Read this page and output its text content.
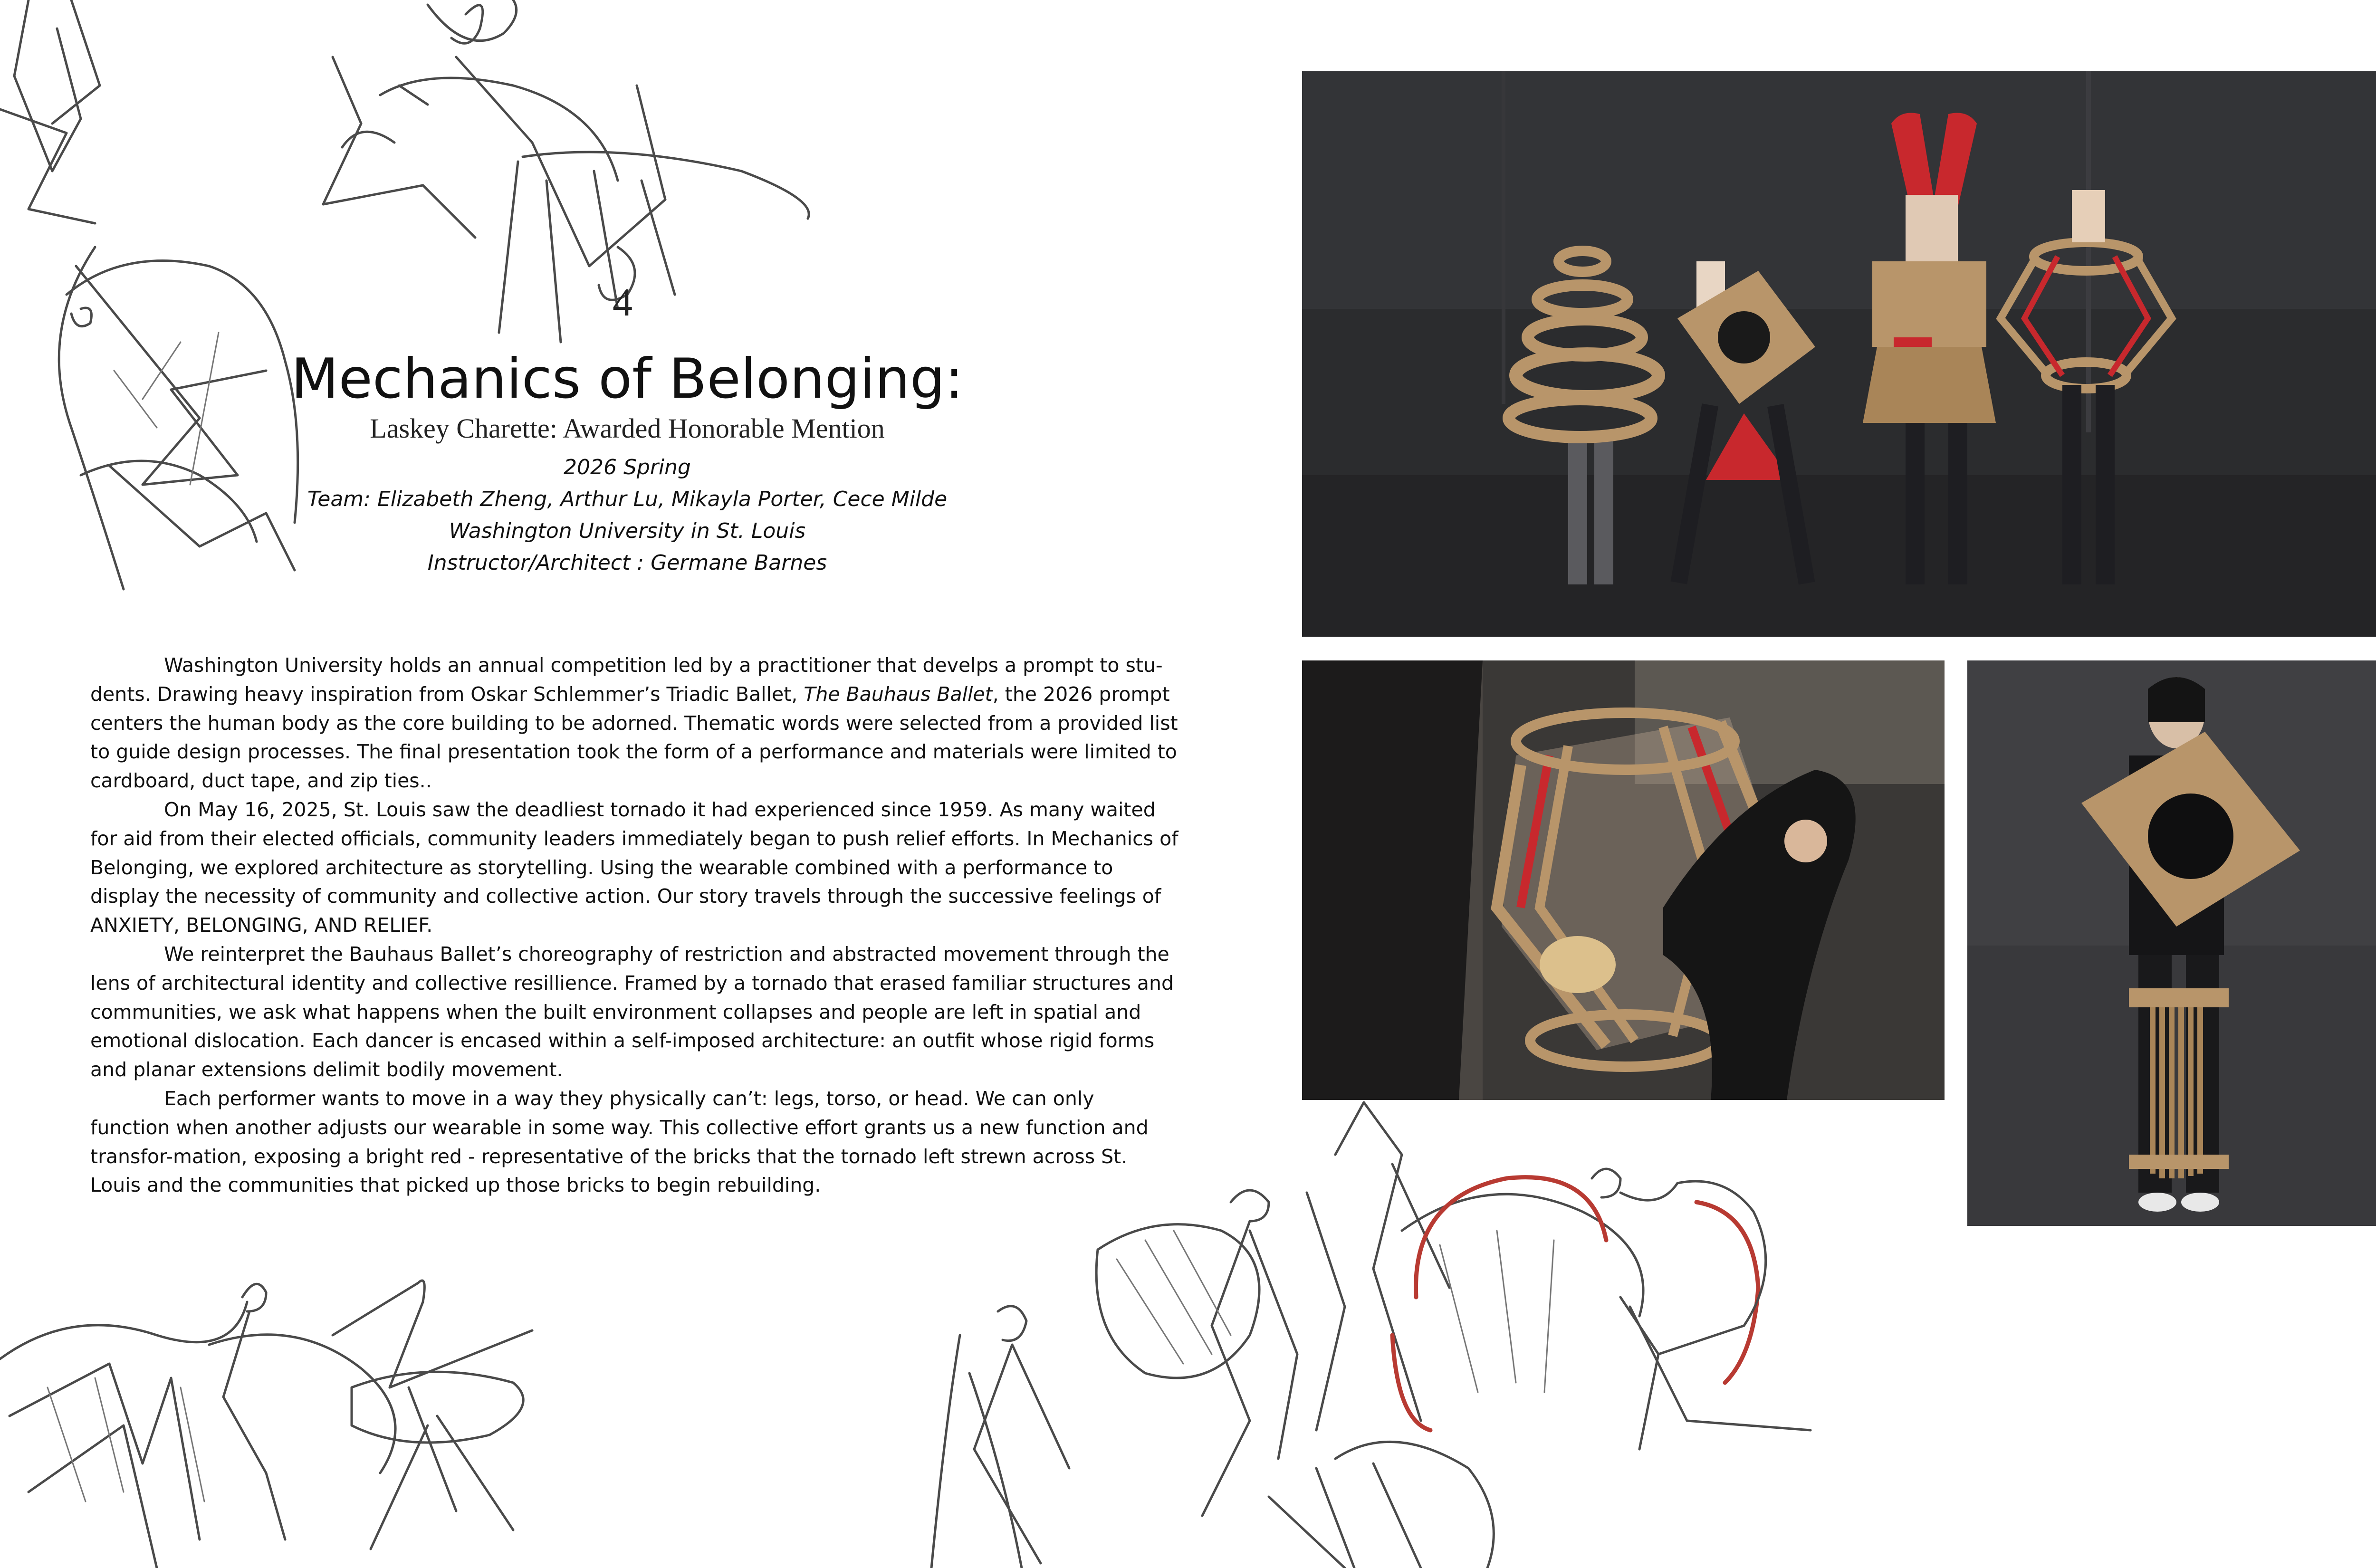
4
Mechanics of Belonging:
Laskey Charette: Awarded Honorable Mention
2026 Spring
Team: Elizabeth Zheng, Arthur Lu, Mikayla Porter, Cece Milde
Washington University in St. Louis
Instructor/Architect : Germane Barnes

Washington University holds an annual competition led by a practitioner that develps a prompt to stu-dents. Drawing heavy inspiration from Oskar Schlemmer’s Triadic Ballet, The Bauhaus Ballet, the 2026 prompt centers the human body as the core building to be adorned. Thematic words were selected from a provided list to guide design processes. The final presentation took the form of a performance and materials were limited to cardboard, duct tape, and zip ties..

On May 16, 2025, St. Louis saw the deadliest tornado it had experienced since 1959. As many waited for aid from their elected officials, community leaders immediately began to push relief efforts. In Mechanics of Belonging, we explored architecture as storytelling. Using the wearable combined with a performance to display the necessity of community and collective action. Our story travels through the successive feelings of ANXIETY, BELONGING, AND RELIEF.

We reinterpret the Bauhaus Ballet’s choreography of restriction and abstracted movement through the lens of architectural identity and collective resillience. Framed by a tornado that erased familiar structures and communities, we ask what happens when the built environment collapses and people are left in spatial and emotional dislocation. Each dancer is encased within a self-imposed architecture: an outfit whose rigid forms and planar extensions delimit bodily movement.

Each performer wants to move in a way they physically can’t: legs, torso, or head. We can only function when another adjusts our wearable in some way. This collective effort grants us a new function and transfor-mation, exposing a bright red - representative of the bricks that the tornado left strewn across St. Louis and the communities that picked up those bricks to begin rebuilding.
